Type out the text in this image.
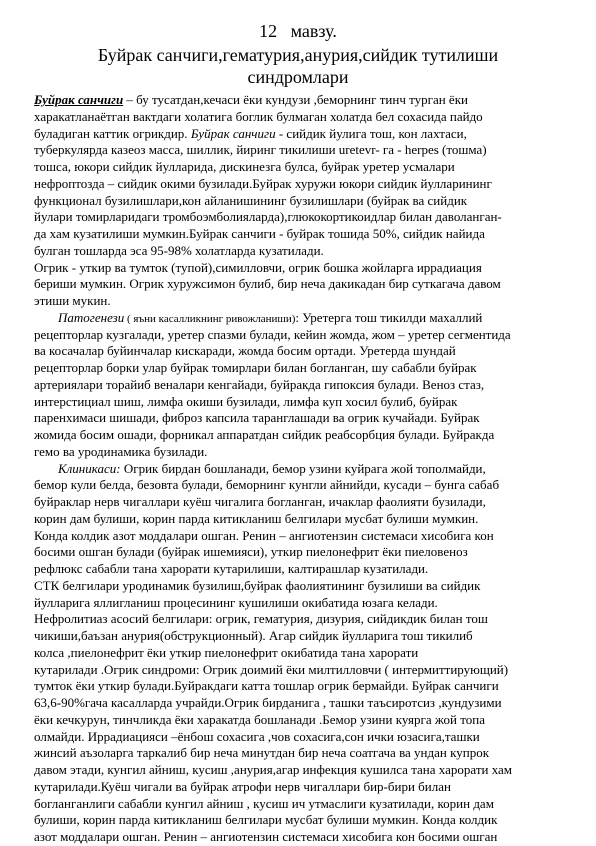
12 мавзу.
Буйрак санчиги,гематурия,анурия,сийдик тутилиши
синдромлари
Буйрак санчиги – бу тусатдан,кечаси ёки кундузи ,беморнинг тинч турган ёки
харакатланаётган вактдаги холатига боглик булмаган холатда бел сохасида пайдо
буладиган каттик огрикдир. Буйрак санчиги - сийдик йулига тош, кон лахтаси,
туберкулярда казеоз масса, шиллик, йиринг тикилиши uretevr- га - herpes (тошма)
тошса, юкори сийдик йулларида, дискинезга булса, буйрак уретер усмалари
нефроптозда – сийдик окими бузилади.Буйрак хуружи юкори сийдик йулларининг
функционал бузилишлари,кон айланишининг бузилишлари (буйрак ва сийдик
йулари томирларидаги тромбоэмболияларда),глюкокортикоидлар билан даволанган-
да хам кузатилиши мумкин.Буйрак санчиги - буйрак тошида 50%, сийдик найида
булган тошларда эса 95-98% холатларда кузатилади.
Огрик - уткир ва тумток (тупой),симилловчи, огрик бошка жойларга иррадиация
бериши мумкин. Огрик хуружсимон булиб, бир неча дакикадан бир суткагача давом
этиши мукин.
Патогенези ( яъни касалликнинг ривожланиши): Уретерга тош тикилди махаллий
рецепторлар кузгалади, уретер спазми булади, кейин жомда, жом – уретер сегментида
ва косачалар буйинчалар кискаради, жомда босим ортади. Уретерда шундай
рецепторлар борки улар буйрак томирлари билан богланган, шу сабабли буйрак
артериялари торайиб веналари кенгайади, буйракда гипоксия булади. Веноз стаз,
интерстициал шиш, лимфа окиши бузилади, лимфа куп хосил булиб, буйрак
паренхимаси шишади, фиброз капсила таранглашади ва огрик кучайади. Буйрак
жомида босим ошади, форникал аппаратдан сийдик реабсорбция булади. Буйракда
гемо ва уродинамика бузилади.
Клиникаси: Огрик бирдан бошланади, бемор узини куйрага жой тополмайди,
бемор кули белда, безовта булади, беморнинг кунгли айнийди, кусади – бунга сабаб
буйраклар нерв чигаллари куёш чигалига богланган, ичаклар фаолияти бузилади,
корин дам булиши, корин парда китикланиш белгилари мусбат булиши мумкин.
Конда колдик азот моддалари ошган. Ренин – ангиотензин системаси хисобига кон
босими ошган булади (буйрак ишемияси), уткир пиелонефрит ёки пиеловеноз
рефлюкс сабабли тана харорати кутарилиши, калтирашлар кузатилади.
СТК белгилари уродинамик бузилиш,буйрак фаолиятининг бузилиши ва сийдик
йулларига яллигланиш процесининг кушилиши окибатида юзага келади.
Нефролитиаз асосий белгилари: огрик, гематурия, дизурия, сийдикдик билан тош
чикиши,баъзан анурия(обструкционный). Агар сийдик йулларига тош тикилиб
колса ,пиелонефрит ёки уткир пиелонефрит окибатида тана харорати
кутарилади .Огрик синдроми: Огрик доимий ёки милтилловчи ( интермиттирующий)
тумток ёки уткир булади.Буйракдаги катта тошлар огрик бермайди. Буйрак санчиги
63,6-90%гача касалларда учрайди.Огрик бирданига , ташки таъсиротсиз ,кундузими
ёки кечкурун, тинчликда ёки харакатда бошланади .Бемор узини куярга жой топа
олмайди. Иррадиацияси –ёнбош сохасига ,чов сохасига,сон ички юзасига,ташки
жинсий аъзоларга таркалиб бир неча минутдан бир неча соатгача ва ундан купрок
давом этади, кунгил айниш, кусиш ,анурия,агар инфекция кушилса тана харорати хам
кутарилади.Куёш чигали ва буйрак атрофи нерв чигаллари бир-бири билан
богланганлиги сабабли кунгил айниш , кусиш ич утмаслиги кузатилади, корин дам
булиши, корин парда китикланиш белгилари мусбат булиши мумкин. Конда колдик
азот моддалари ошган. Ренин – ангиотензин системаси хисобига кон босими ошган
